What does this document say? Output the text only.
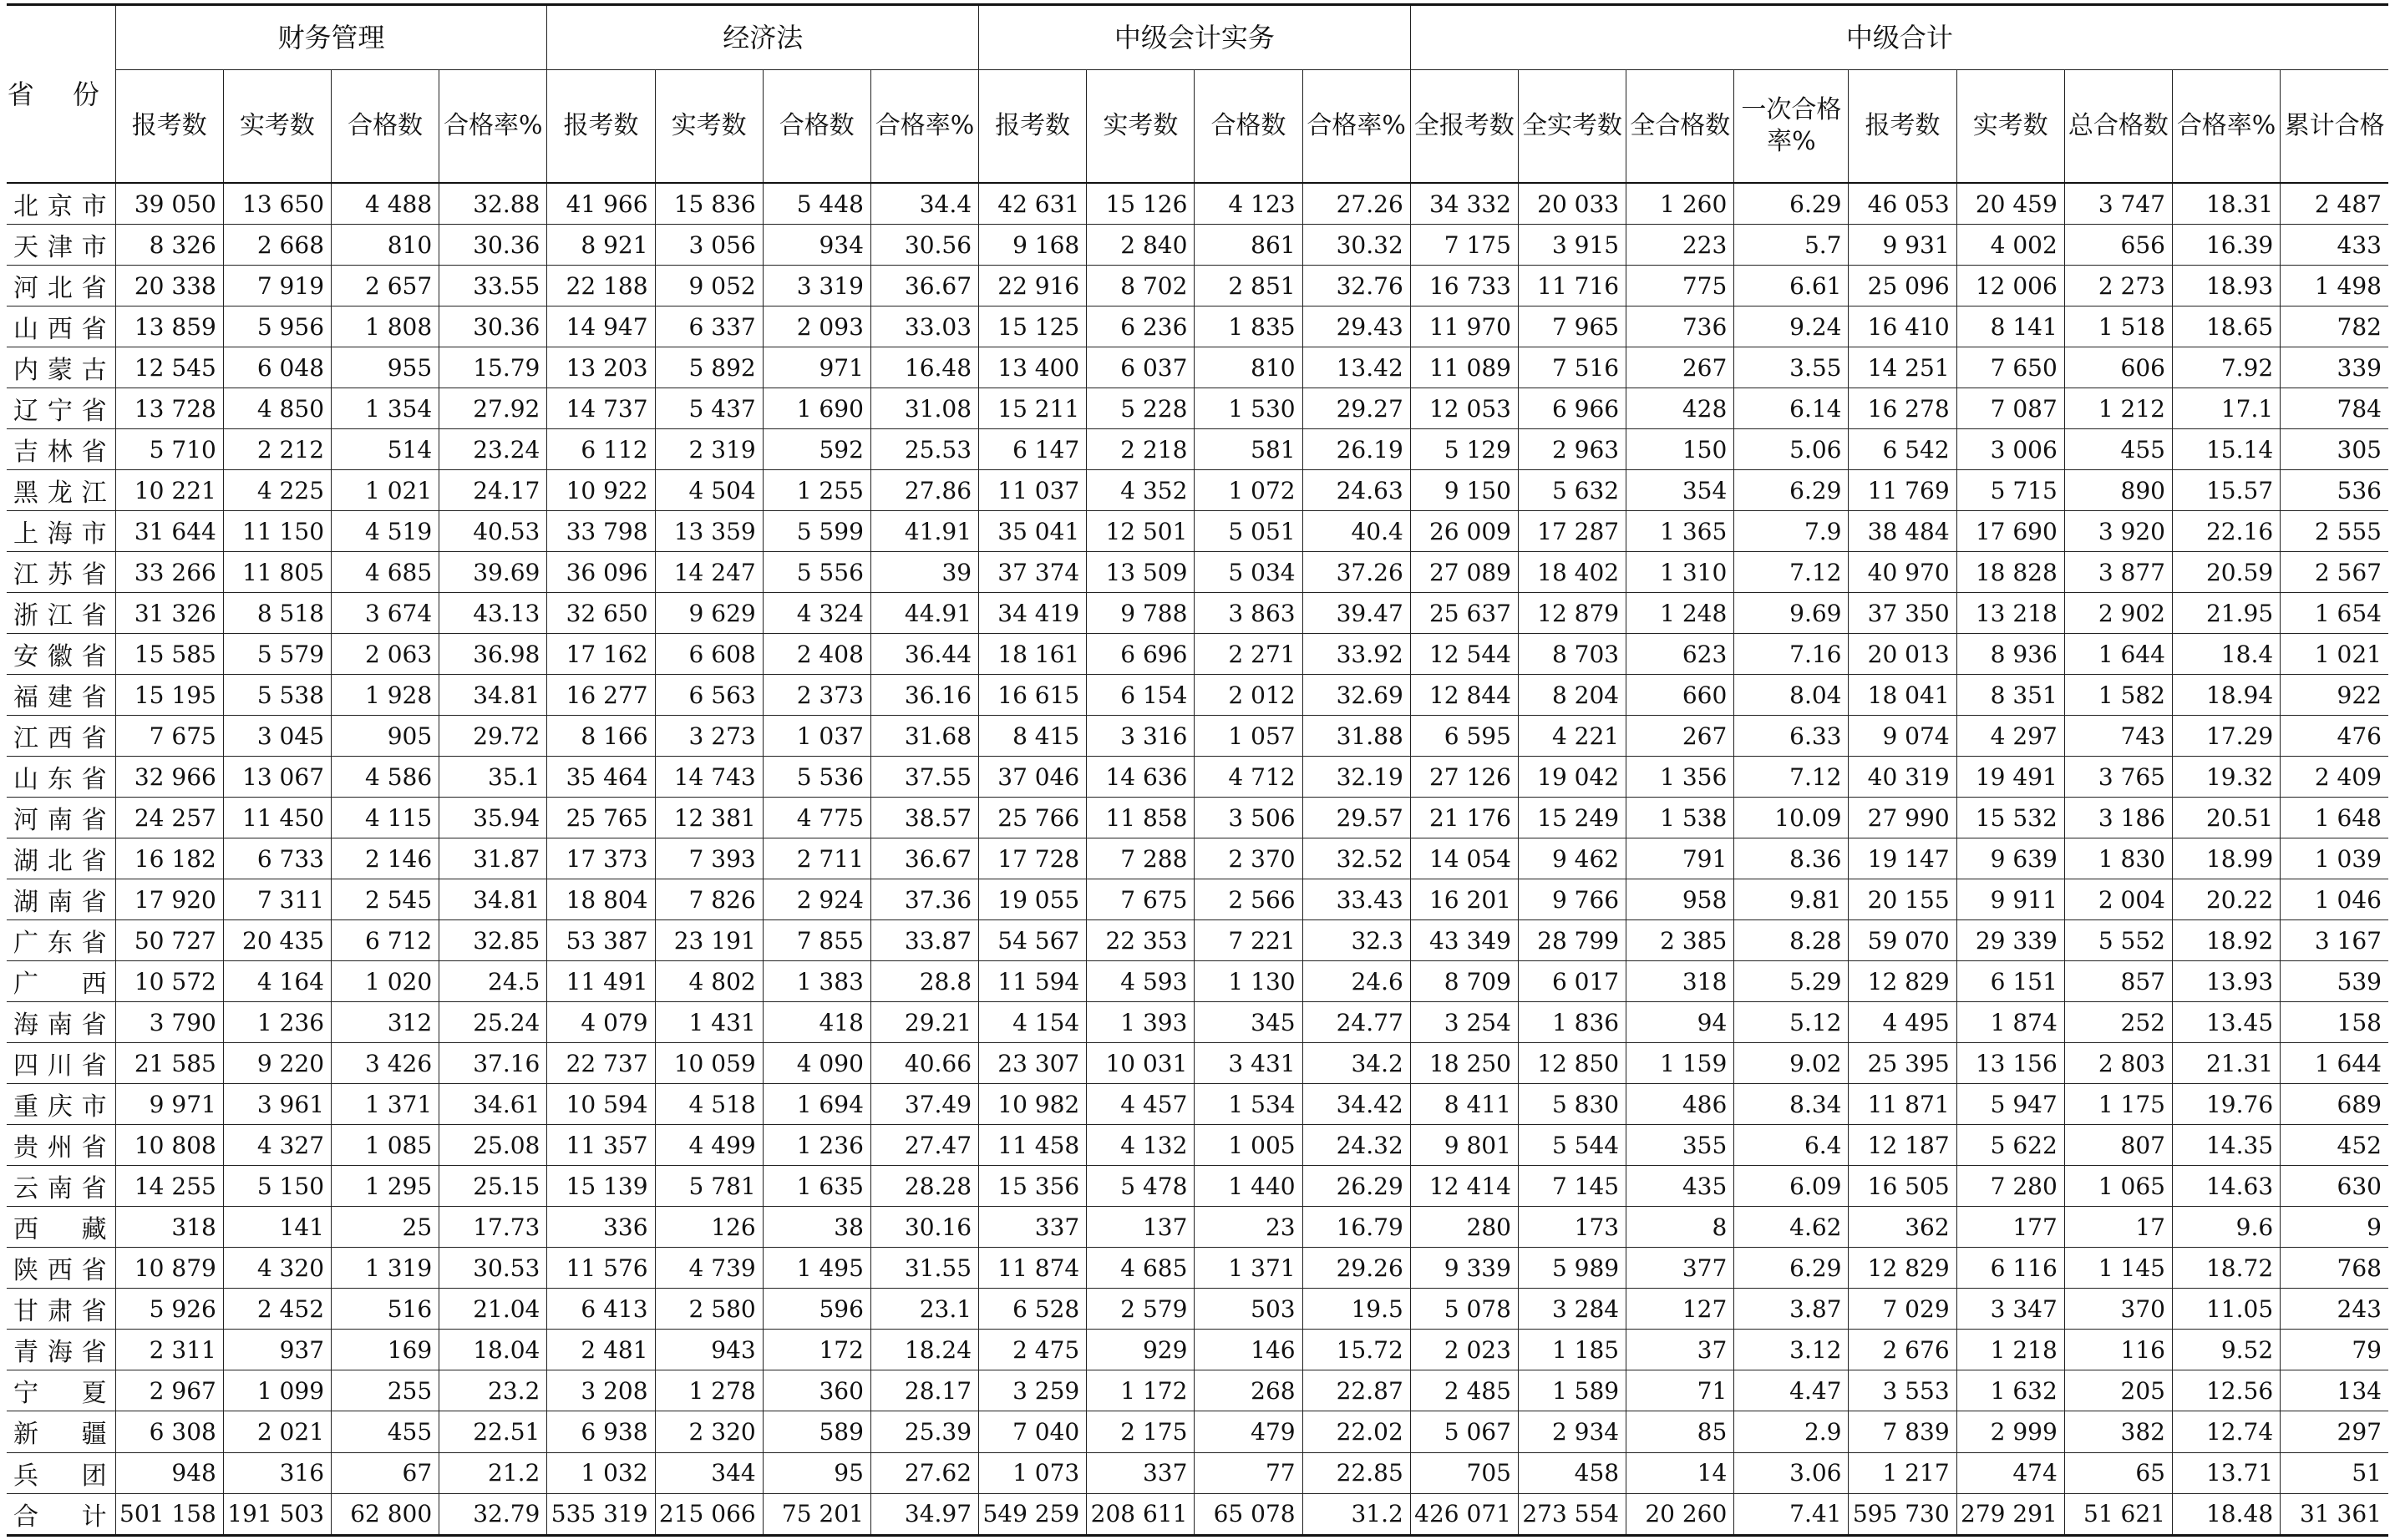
省 份	财务管理				经济法				中级会计实务				中级合计								
	报考数	实考数	合格数	合格率%	报考数	实考数	合格数	合格率%	报考数	实考数	合格数	合格率%	全报考数	全实考数	全合格数	一次合格率%	报考数	实考数	总合格数	合格率%	累计合格
北京市	39 050	13 650	4 488	32.88	41 966	15 836	5 448	34.4	42 631	15 126	4 123	27.26	34 332	20 033	1 260	6.29	46 053	20 459	3 747	18.31	2 487
天津市	8 326	2 668	810	30.36	8 921	3 056	934	30.56	9 168	2 840	861	30.32	7 175	3 915	223	5.7	9 931	4 002	656	16.39	433
河北省	20 338	7 919	2 657	33.55	22 188	9 052	3 319	36.67	22 916	8 702	2 851	32.76	16 733	11 716	775	6.61	25 096	12 006	2 273	18.93	1 498
山西省	13 859	5 956	1 808	30.36	14 947	6 337	2 093	33.03	15 125	6 236	1 835	29.43	11 970	7 965	736	9.24	16 410	8 141	1 518	18.65	782
内蒙古	12 545	6 048	955	15.79	13 203	5 892	971	16.48	13 400	6 037	810	13.42	11 089	7 516	267	3.55	14 251	7 650	606	7.92	339
辽宁省	13 728	4 850	1 354	27.92	14 737	5 437	1 690	31.08	15 211	5 228	1 530	29.27	12 053	6 966	428	6.14	16 278	7 087	1 212	17.1	784
吉林省	5 710	2 212	514	23.24	6 112	2 319	592	25.53	6 147	2 218	581	26.19	5 129	2 963	150	5.06	6 542	3 006	455	15.14	305
黑龙江	10 221	4 225	1 021	24.17	10 922	4 504	1 255	27.86	11 037	4 352	1 072	24.63	9 150	5 632	354	6.29	11 769	5 715	890	15.57	536
上海市	31 644	11 150	4 519	40.53	33 798	13 359	5 599	41.91	35 041	12 501	5 051	40.4	26 009	17 287	1 365	7.9	38 484	17 690	3 920	22.16	2 555
江苏省	33 266	11 805	4 685	39.69	36 096	14 247	5 556	39	37 374	13 509	5 034	37.26	27 089	18 402	1 310	7.12	40 970	18 828	3 877	20.59	2 567
浙江省	31 326	8 518	3 674	43.13	32 650	9 629	4 324	44.91	34 419	9 788	3 863	39.47	25 637	12 879	1 248	9.69	37 350	13 218	2 902	21.95	1 654
安徽省	15 585	5 579	2 063	36.98	17 162	6 608	2 408	36.44	18 161	6 696	2 271	33.92	12 544	8 703	623	7.16	20 013	8 936	1 644	18.4	1 021
福建省	15 195	5 538	1 928	34.81	16 277	6 563	2 373	36.16	16 615	6 154	2 012	32.69	12 844	8 204	660	8.04	18 041	8 351	1 582	18.94	922
江西省	7 675	3 045	905	29.72	8 166	3 273	1 037	31.68	8 415	3 316	1 057	31.88	6 595	4 221	267	6.33	9 074	4 297	743	17.29	476
山东省	32 966	13 067	4 586	35.1	35 464	14 743	5 536	37.55	37 046	14 636	4 712	32.19	27 126	19 042	1 356	7.12	40 319	19 491	3 765	19.32	2 409
河南省	24 257	11 450	4 115	35.94	25 765	12 381	4 775	38.57	25 766	11 858	3 506	29.57	21 176	15 249	1 538	10.09	27 990	15 532	3 186	20.51	1 648
湖北省	16 182	6 733	2 146	31.87	17 373	7 393	2 711	36.67	17 728	7 288	2 370	32.52	14 054	9 462	791	8.36	19 147	9 639	1 830	18.99	1 039
湖南省	17 920	7 311	2 545	34.81	18 804	7 826	2 924	37.36	19 055	7 675	2 566	33.43	16 201	9 766	958	9.81	20 155	9 911	2 004	20.22	1 046
广东省	50 727	20 435	6 712	32.85	53 387	23 191	7 855	33.87	54 567	22 353	7 221	32.3	43 349	28 799	2 385	8.28	59 070	29 339	5 552	18.92	3 167
广 西	10 572	4 164	1 020	24.5	11 491	4 802	1 383	28.8	11 594	4 593	1 130	24.6	8 709	6 017	318	5.29	12 829	6 151	857	13.93	539
海南省	3 790	1 236	312	25.24	4 079	1 431	418	29.21	4 154	1 393	345	24.77	3 254	1 836	94	5.12	4 495	1 874	252	13.45	158
四川省	21 585	9 220	3 426	37.16	22 737	10 059	4 090	40.66	23 307	10 031	3 431	34.2	18 250	12 850	1 159	9.02	25 395	13 156	2 803	21.31	1 644
重庆市	9 971	3 961	1 371	34.61	10 594	4 518	1 694	37.49	10 982	4 457	1 534	34.42	8 411	5 830	486	8.34	11 871	5 947	1 175	19.76	689
贵州省	10 808	4 327	1 085	25.08	11 357	4 499	1 236	27.47	11 458	4 132	1 005	24.32	9 801	5 544	355	6.4	12 187	5 622	807	14.35	452
云南省	14 255	5 150	1 295	25.15	15 139	5 781	1 635	28.28	15 356	5 478	1 440	26.29	12 414	7 145	435	6.09	16 505	7 280	1 065	14.63	630
西 藏	318	141	25	17.73	336	126	38	30.16	337	137	23	16.79	280	173	8	4.62	362	177	17	9.6	9
陕西省	10 879	4 320	1 319	30.53	11 576	4 739	1 495	31.55	11 874	4 685	1 371	29.26	9 339	5 989	377	6.29	12 829	6 116	1 145	18.72	768
甘肃省	5 926	2 452	516	21.04	6 413	2 580	596	23.1	6 528	2 579	503	19.5	5 078	3 284	127	3.87	7 029	3 347	370	11.05	243
青海省	2 311	937	169	18.04	2 481	943	172	18.24	2 475	929	146	15.72	2 023	1 185	37	3.12	2 676	1 218	116	9.52	79
宁 夏	2 967	1 099	255	23.2	3 208	1 278	360	28.17	3 259	1 172	268	22.87	2 485	1 589	71	4.47	3 553	1 632	205	12.56	134
新 疆	6 308	2 021	455	22.51	6 938	2 320	589	25.39	7 040	2 175	479	22.02	5 067	2 934	85	2.9	7 839	2 999	382	12.74	297
兵 团	948	316	67	21.2	1 032	344	95	27.62	1 073	337	77	22.85	705	458	14	3.06	1 217	474	65	13.71	51
合 计	501 158	191 503	62 800	32.79	535 319	215 066	75 201	34.97	549 259	208 611	65 078	31.2	426 071	273 554	20 260	7.41	595 730	279 291	51 621	18.48	31 361
